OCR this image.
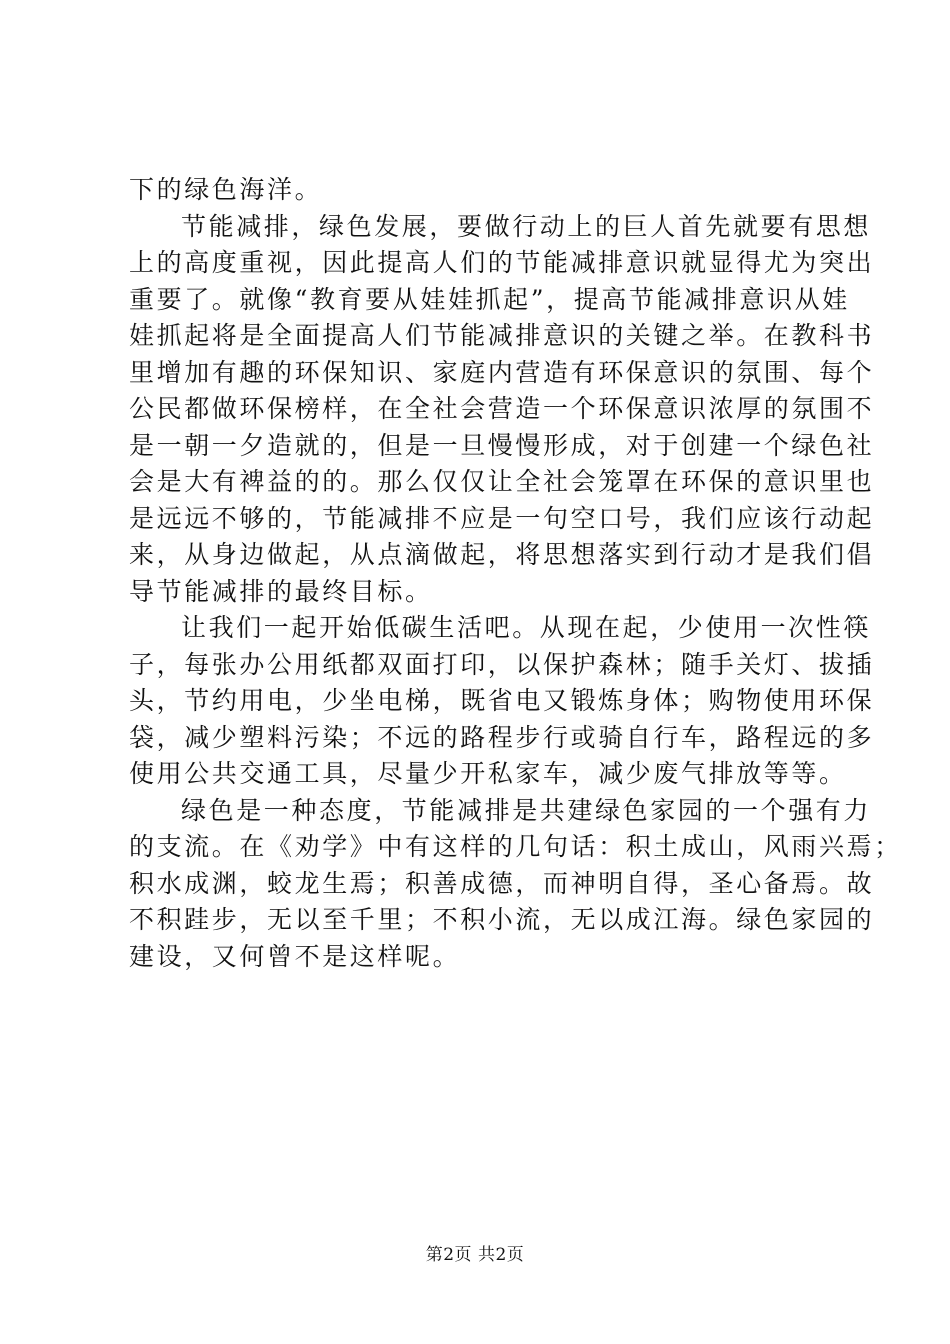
下的绿色海洋。
节能减排，绿色发展，要做行动上的巨人首先就要有思想
上的高度重视，因此提高人们的节能减排意识就显得尤为突出
重要了。就像“教育要从娃娃抓起”，提高节能减排意识从娃
娃抓起将是全面提高人们节能减排意识的关键之举。在教科书
里增加有趣的环保知识、家庭内营造有环保意识的氛围、每个
公民都做环保榜样，在全社会营造一个环保意识浓厚的氛围不
是一朝一夕造就的，但是一旦慢慢形成，对于创建一个绿色社
会是大有裨益的的。那么仅仅让全社会笼罩在环保的意识里也
是远远不够的，节能减排不应是一句空口号，我们应该行动起
来，从身边做起，从点滴做起，将思想落实到行动才是我们倡
导节能减排的最终目标。
让我们一起开始低碳生活吧。从现在起，少使用一次性筷
子，每张办公用纸都双面打印，以保护森林；随手关灯、拔插
头，节约用电，少坐电梯，既省电又锻炼身体；购物使用环保
袋，减少塑料污染；不远的路程步行或骑自行车，路程远的多
使用公共交通工具，尽量少开私家车，减少废气排放等等。
绿色是一种态度，节能减排是共建绿色家园的一个强有力
的支流。在《劝学》中有这样的几句话：积土成山，风雨兴焉；
积水成渊，蛟龙生焉；积善成德，而神明自得，圣心备焉。故
不积跬步，无以至千里；不积小流，无以成江海。绿色家园的
建设，又何曾不是这样呢。
第2页 共2页
